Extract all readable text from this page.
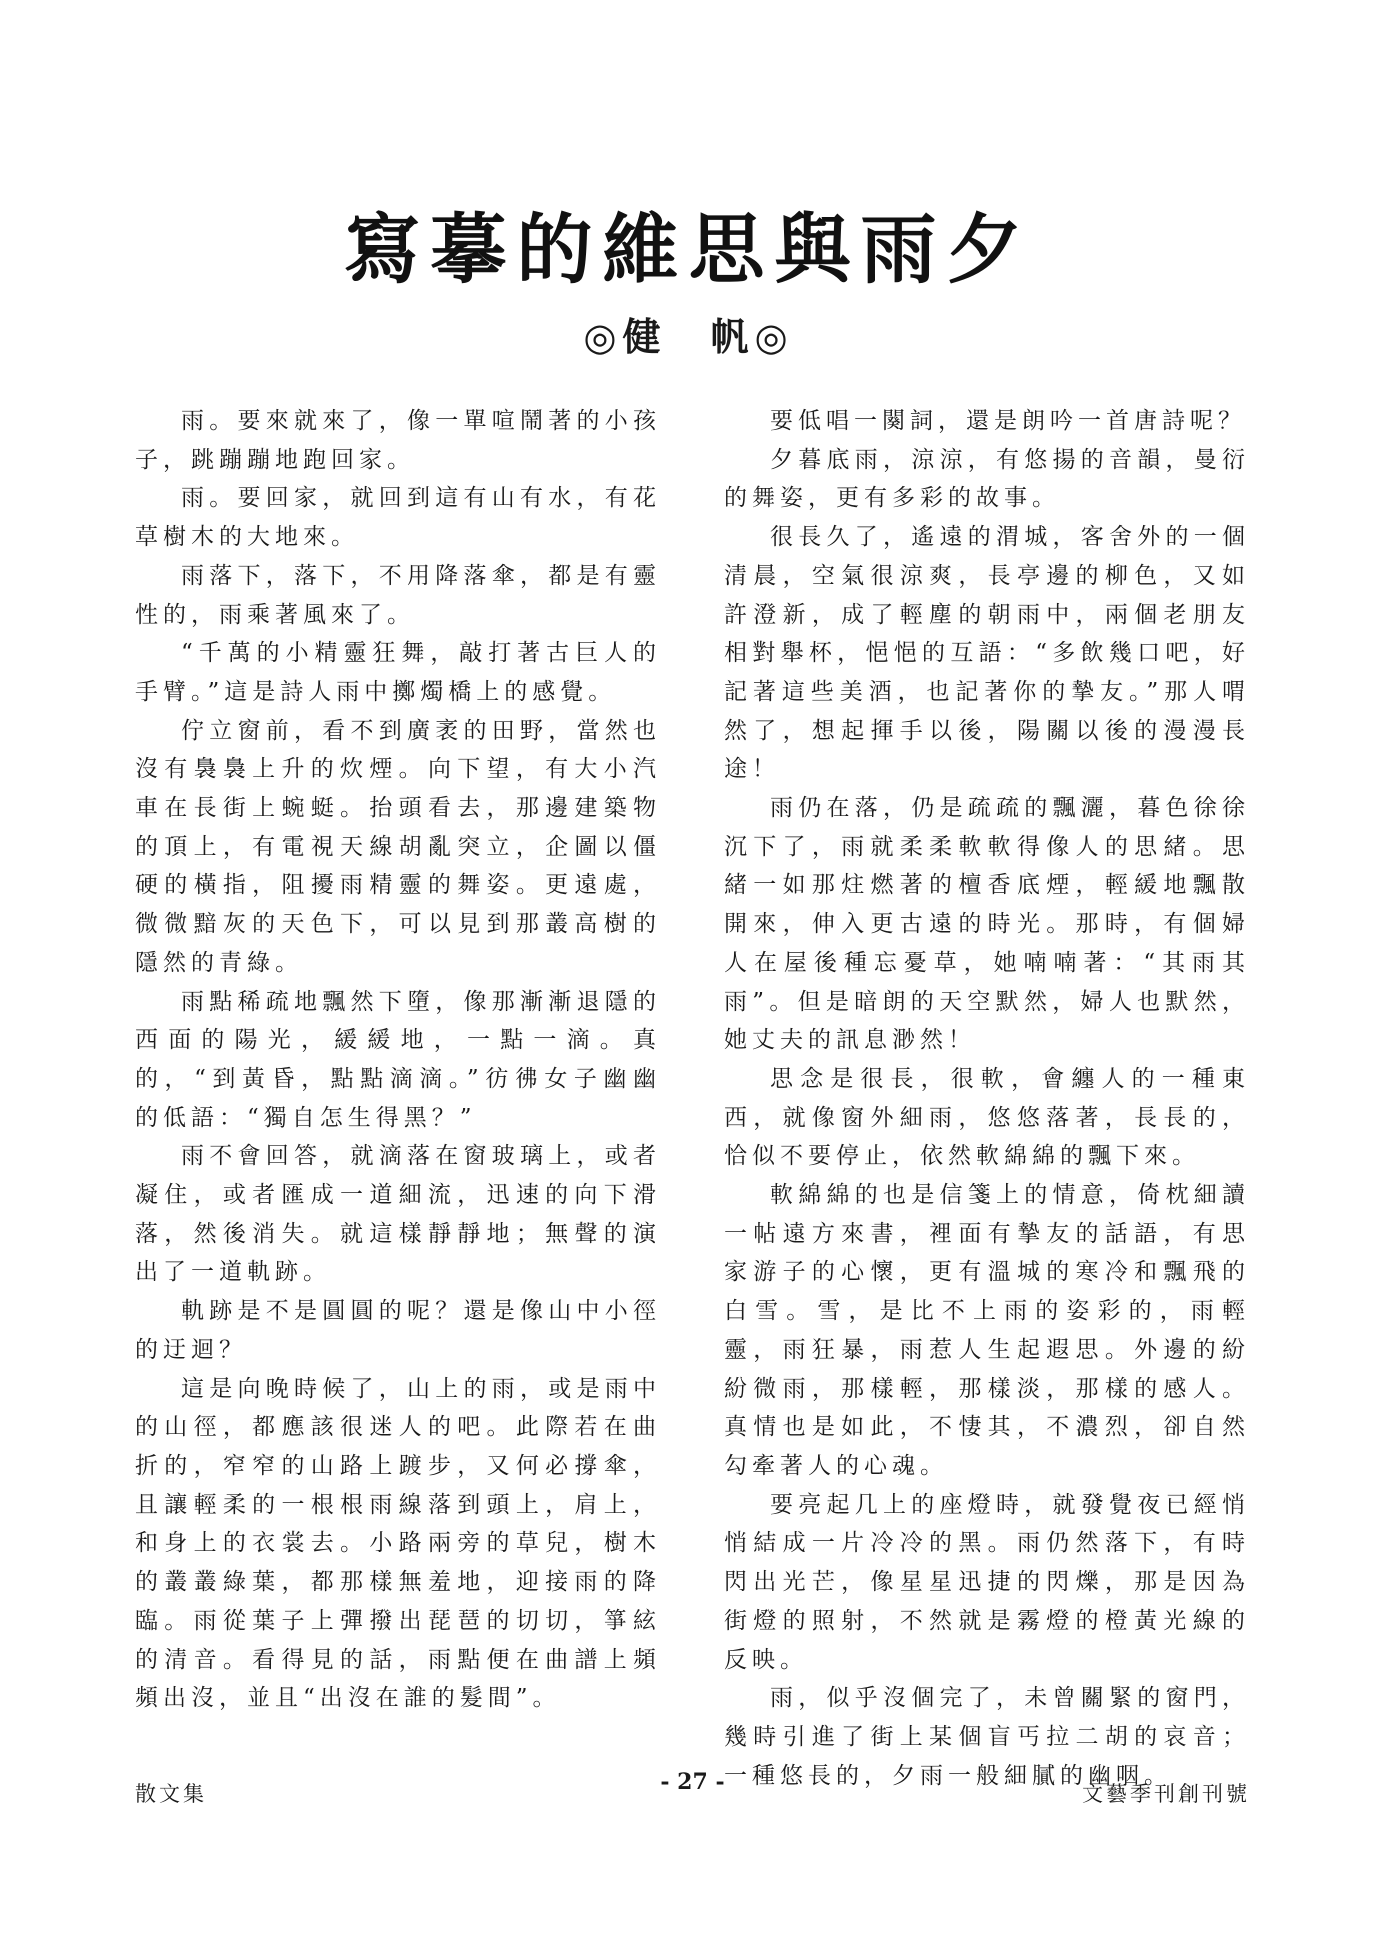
寫摹的維思與雨夕
◎健　帆◎

雨。要來就來了，像一單喧鬧著的小孩子，跳蹦蹦地跑回家。

雨。要回家，就回到這有山有水，有花草樹木的大地來。

雨落下，落下，不用降落傘，都是有靈性的，雨乘著風來了。

“千萬的小精靈狂舞，敲打著古巨人的手臂。”這是詩人雨中擲燭橋上的感覺。

佇立窗前，看不到廣袤的田野，當然也沒有裊裊上升的炊煙。向下望，有大小汽車在長街上蜿蜓。抬頭看去，那邊建築物的頂上，有電視天線胡亂突立，企圖以僵硬的橫指，阻擾雨精靈的舞姿。更遠處，微微黯灰的天色下，可以見到那叢高樹的隱然的青綠。

雨點稀疏地飄然下墮，像那漸漸退隱的西面的陽光，緩緩地，一點一滴。真的，“到黃昏，點點滴滴。”彷彿女子幽幽的低語：“獨自怎生得黑？”

雨不會回答，就滴落在窗玻璃上，或者凝住，或者匯成一道細流，迅速的向下滑落，然後消失。就這樣靜靜地；無聲的演出了一道軌跡。

軌跡是不是圓圓的呢？還是像山中小徑的迂迴？

這是向晚時候了，山上的雨，或是雨中的山徑，都應該很迷人的吧。此際若在曲折的，窄窄的山路上踱步，又何必撐傘，且讓輕柔的一根根雨線落到頭上，肩上，和身上的衣裳去。小路兩旁的草兒，樹木的叢叢綠葉，都那樣無羞地，迎接雨的降臨。雨從葉子上彈撥出琵琶的切切，箏絃的清音。看得見的話，雨點便在曲譜上頻頻出沒，並且“出沒在誰的髮間”。

要低唱一闋詞，還是朗吟一首唐詩呢？

夕暮底雨，涼涼，有悠揚的音韻，曼衍的舞姿，更有多彩的故事。

很長久了，遙遠的渭城，客舍外的一個清晨，空氣很涼爽，長亭邊的柳色，又如許澄新，成了輕塵的朝雨中，兩個老朋友相對舉杯，悒悒的互語：“多飲幾口吧，好記著這些美酒，也記著你的摯友。”那人喟然了，想起揮手以後，陽關以後的漫漫長途！

雨仍在落，仍是疏疏的飄灑，暮色徐徐沉下了，雨就柔柔軟軟得像人的思緒。思緒一如那炷燃著的檀香底煙，輕緩地飄散開來，伸入更古遠的時光。那時，有個婦人在屋後種忘憂草，她喃喃著：“其雨其雨”。但是暗朗的天空默然，婦人也默然，她丈夫的訊息渺然！

思念是很長，很軟，會纏人的一種東西，就像窗外細雨，悠悠落著，長長的，恰似不要停止，依然軟綿綿的飄下來。

軟綿綿的也是信箋上的情意，倚枕細讀一帖遠方來書，裡面有摯友的話語，有思家游子的心懷，更有溫城的寒冷和飄飛的白雪。雪，是比不上雨的姿彩的，雨輕靈，雨狂暴，雨惹人生起遐思。外邊的紛紛微雨，那樣輕，那樣淡，那樣的感人。真情也是如此，不悽其，不濃烈，卻自然勾牽著人的心魂。

要亮起几上的座燈時，就發覺夜已經悄悄結成一片冷冷的黑。雨仍然落下，有時閃出光芒，像星星迅捷的閃爍，那是因為街燈的照射，不然就是霧燈的橙黃光線的反映。

雨，似乎沒個完了，未曾關緊的窗門，幾時引進了街上某個盲丐拉二胡的哀音；一種悠長的，夕雨一般細膩的幽咽。

散文集	- 27 -	文藝季刊創刊號
